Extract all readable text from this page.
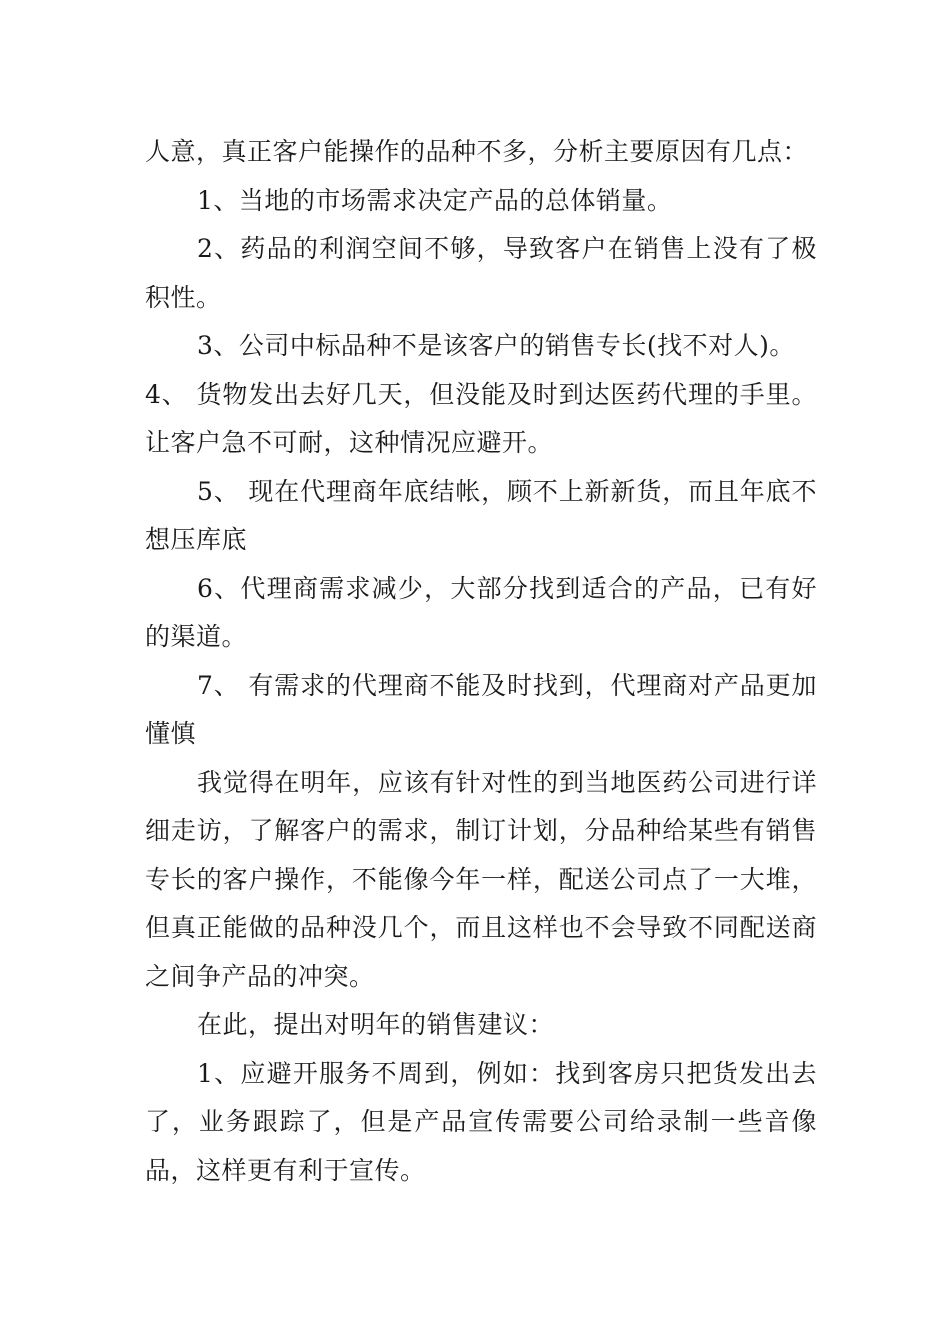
人意，真正客户能操作的品种不多，分析主要原因有几点：

1、当地的市场需求决定产品的总体销量。

2、药品的利润空间不够，导致客户在销售上没有了极积性。

3、公司中标品种不是该客户的销售专长(找不对人)。

4、 货物发出去好几天，但没能及时到达医药代理的手里。让客户急不可耐，这种情况应避开。

5、 现在代理商年底结帐，顾不上新新货，而且年底不想压库底

6、代理商需求减少，大部分找到适合的产品，已有好的渠道。

7、 有需求的代理商不能及时找到，代理商对产品更加懂慎

我觉得在明年，应该有针对性的到当地医药公司进行详细走访，了解客户的需求，制订计划，分品种给某些有销售专长的客户操作，不能像今年一样，配送公司点了一大堆，但真正能做的品种没几个，而且这样也不会导致不同配送商之间争产品的冲突。

在此，提出对明年的销售建议：

1、应避开服务不周到，例如：找到客房只把货发出去了，业务跟踪了，但是产品宣传需要公司给录制一些音像品，这样更有利于宣传。
